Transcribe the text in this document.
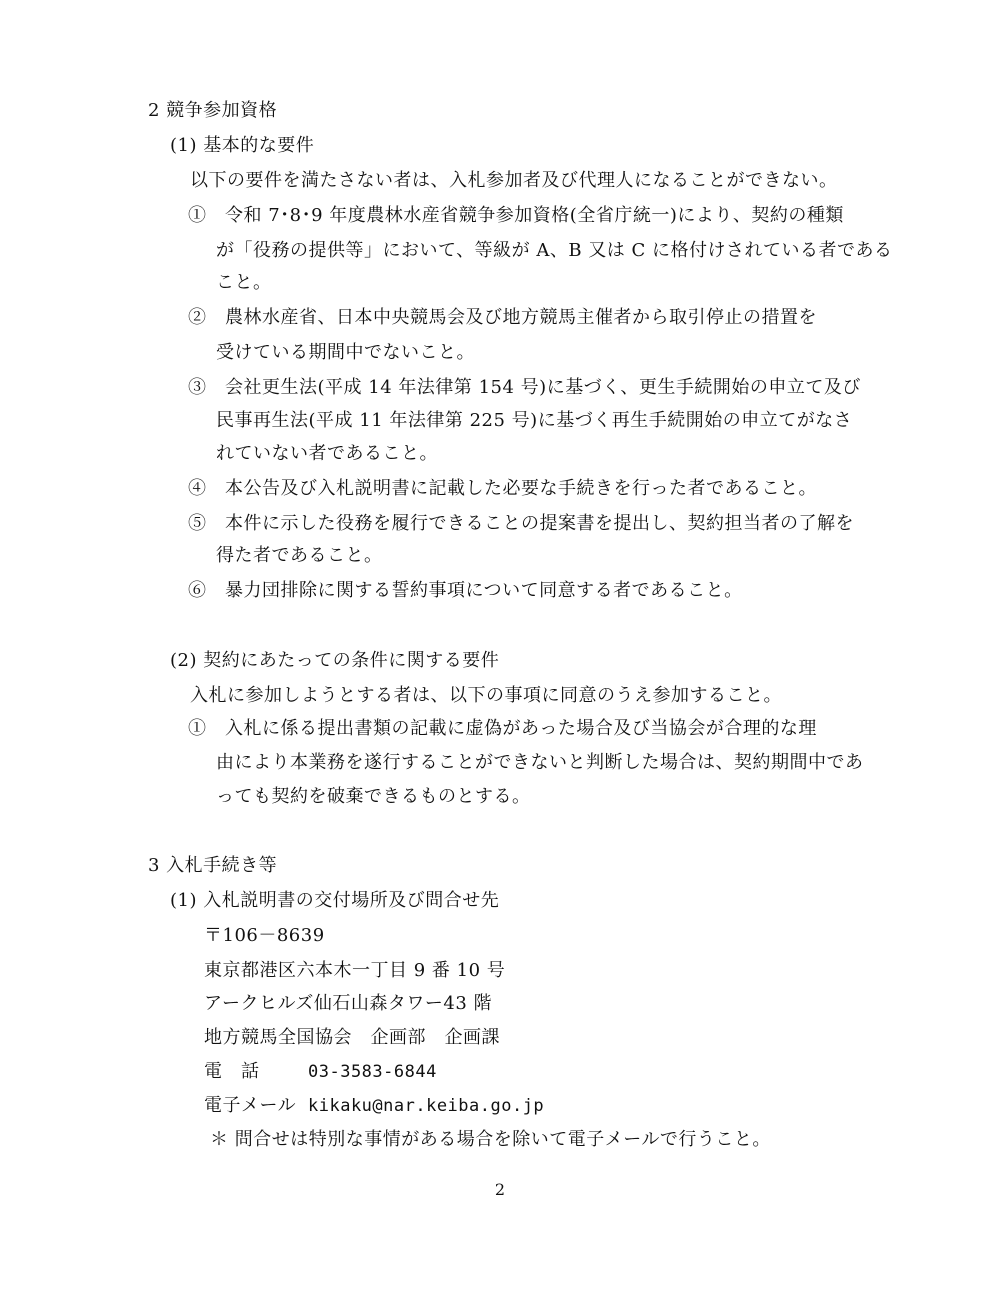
2 競争参加資格
(1) 基本的な要件
以下の要件を満たさない者は、入札参加者及び代理人になることができない。
①　令和 7･8･9 年度農林水産省競争参加資格(全省庁統一)により、契約の種類
が「役務の提供等」において、等級が A、B 又は C に格付けされている者である
こと。
②　農林水産省、日本中央競馬会及び地方競馬主催者から取引停止の措置を
受けている期間中でないこと。
③　会社更生法(平成 14 年法律第 154 号)に基づく、更生手続開始の申立て及び
民事再生法(平成 11 年法律第 225 号)に基づく再生手続開始の申立てがなさ
れていない者であること。
④　本公告及び入札説明書に記載した必要な手続きを行った者であること。
⑤　本件に示した役務を履行できることの提案書を提出し、契約担当者の了解を
得た者であること。
⑥　暴力団排除に関する誓約事項について同意する者であること。
(2) 契約にあたっての条件に関する要件
入札に参加しようとする者は、以下の事項に同意のうえ参加すること。
①　入札に係る提出書類の記載に虚偽があった場合及び当協会が合理的な理
由により本業務を遂行することができないと判断した場合は、契約期間中であ
っても契約を破棄できるものとする。
3 入札手続き等
(1) 入札説明書の交付場所及び問合せ先
〒106－8639
東京都港区六本木一丁目 9 番 10 号
アークヒルズ仙石山森タワー43 階
地方競馬全国協会　企画部　企画課
電　話	03-3583-6844
電子メール kikaku@nar.keiba.go.jp
＊ 問合せは特別な事情がある場合を除いて電子メールで行うこと。
2
